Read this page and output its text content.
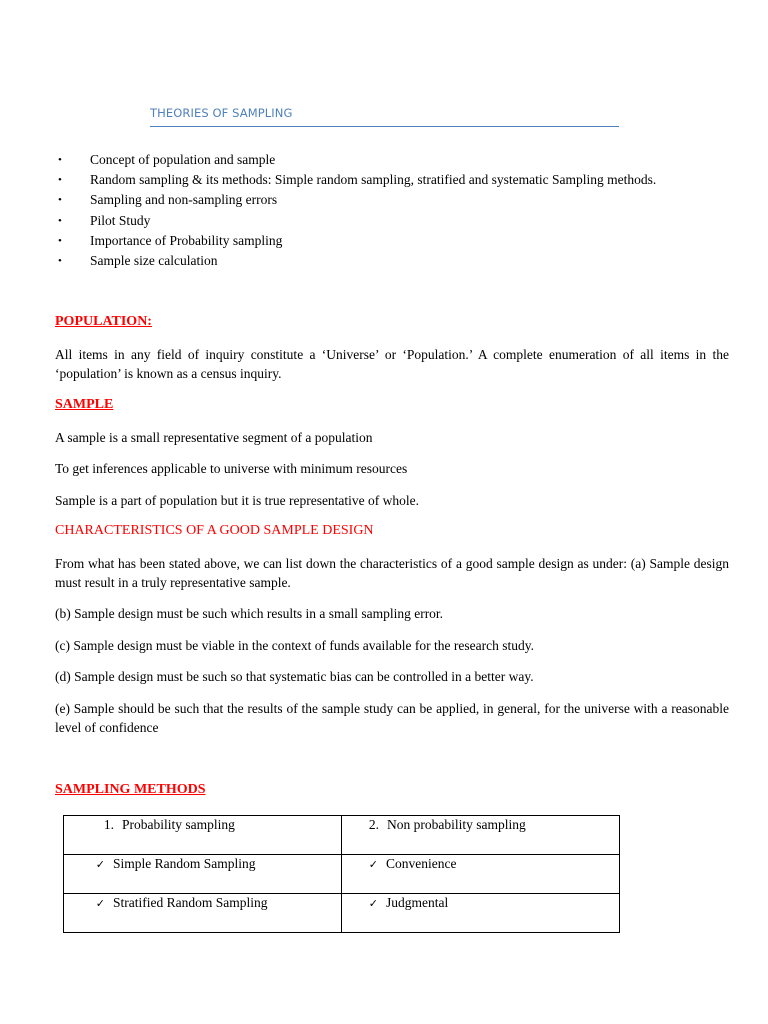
THEORIES OF SAMPLING
• Concept of population and sample
• Random sampling & its methods: Simple random sampling, stratified and systematic Sampling methods.
• Sampling and non-sampling errors
• Pilot Study
• Importance of Probability sampling
• Sample size calculation
POPULATION:

All items in any field of inquiry constitute a ‘Universe’ or ‘Population.’ A complete enumeration of all items in the ‘population’ is known as a census inquiry.

SAMPLE

A sample is a small representative segment of a population

To get inferences applicable to universe with minimum resources

Sample is a part of population but it is true representative of whole.

CHARACTERISTICS OF A GOOD SAMPLE DESIGN

From what has been stated above, we can list down the characteristics of a good sample design as under: (a) Sample design must result in a truly representative sample.

(b) Sample design must be such which results in a small sampling error.

(c) Sample design must be viable in the context of funds available for the research study.

(d) Sample design must be such so that systematic bias can be controlled in a better way.

(e) Sample should be such that the results of the sample study can be applied, in general, for the universe with a reasonable level of confidence

SAMPLING METHODS
1. Probability sampling	2. Non probability sampling
✓ Simple Random Sampling	✓ Convenience
✓ Stratified Random Sampling	✓ Judgmental
